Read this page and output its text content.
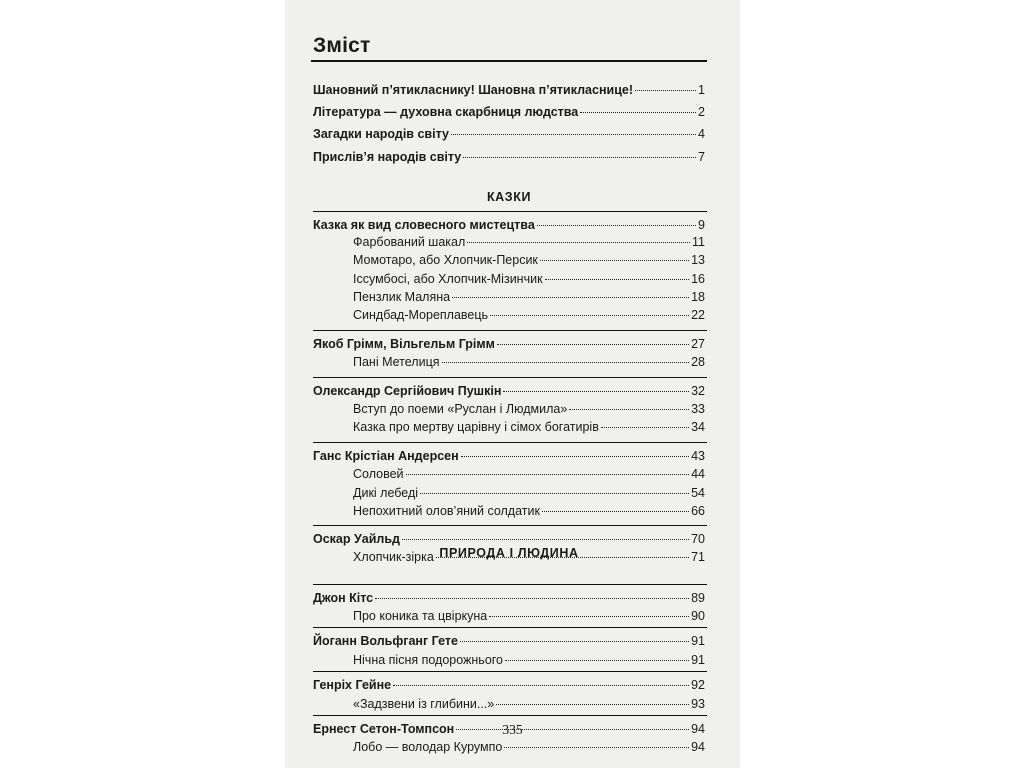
Зміст
Шановний п’ятикласнику! Шановна п’ятикласнице!	1
Література — духовна скарбниця людства	2
Загадки народів світу	4
Прислів’я народів світу	7
КАЗКИ
Казка як вид словесного мистецтва	9
Фарбований шакал	11
Момотаро, або Хлопчик-Персик	13
Іссумбосі, або Хлопчик-Мізинчик	16
Пензлик Маляна	18
Синдбад-Мореплавець	22
Якоб Грімм, Вільгельм Грімм	27
Пані Метелиця	28
Олександр Сергійович Пушкін	32
Вступ до поеми «Руслан і Людмила»	33
Казка про мертву царівну і сімох богатирів	34
Ганс Крістіан Андерсен	43
Соловей	44
Дикі лебеді	54
Непохитний олов’яний солдатик	66
Оскар Уайльд	70
Хлопчик-зірка	71
ПРИРОДА І ЛЮДИНА
Джон Кітс	89
Про коника та цвіркуна	90
Йоганн Вольфганг Гете	91
Нічна пісня подорожнього	91
Генріх Гейне	92
«Задзвени із глибини...»	93
Ернест Сетон-Томпсон	94
Лобо — володар Курумпо	94
335
